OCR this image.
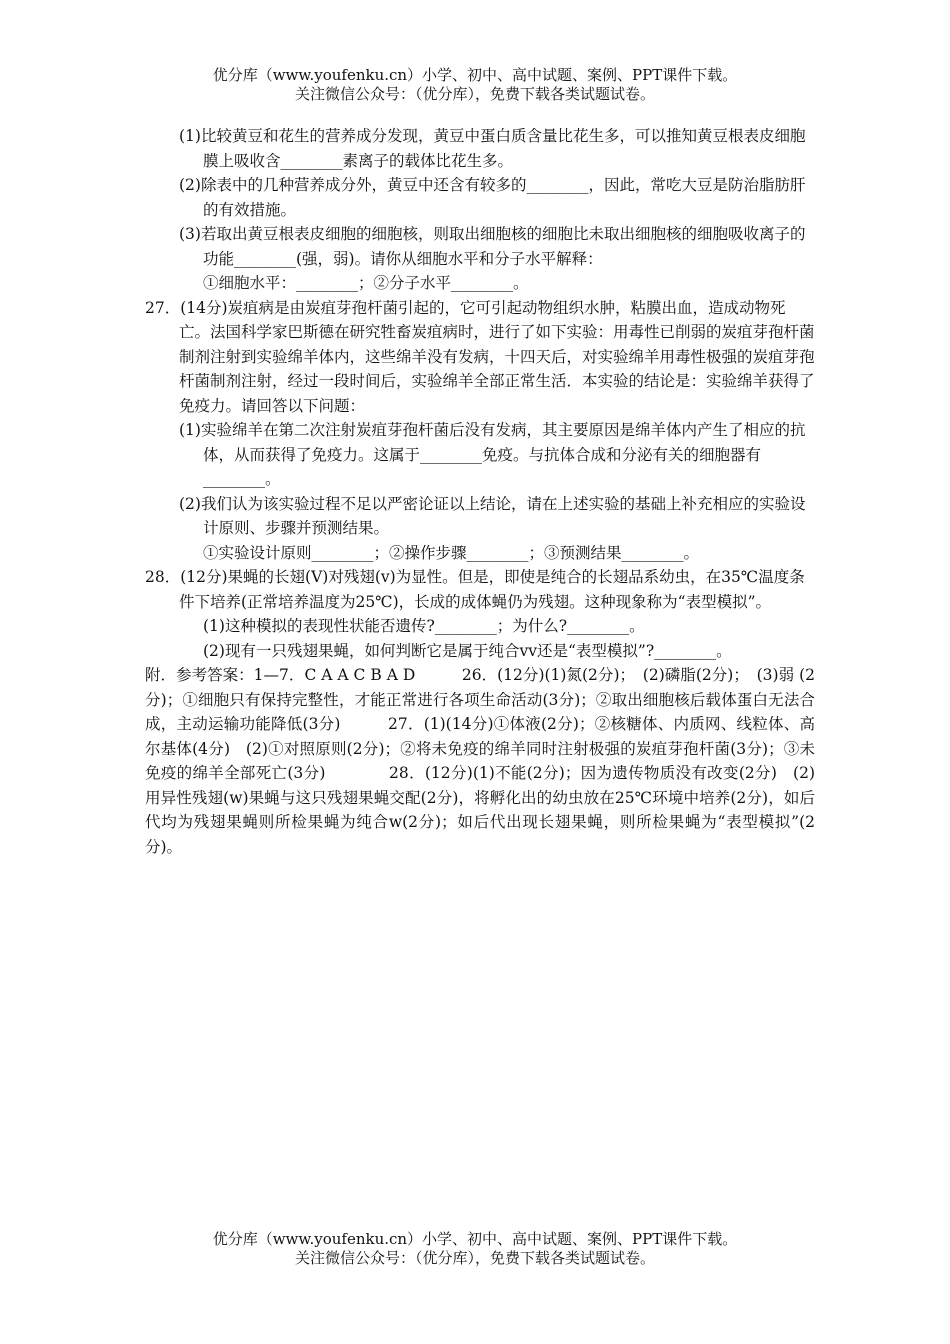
优分库（www.youfenku.cn）小学、初中、高中试题、案例、PPT课件下载。
关注微信公众号：（优分库），免费下载各类试题试卷。

(1)比较黄豆和花生的营养成分发现，黄豆中蛋白质含量比花生多，可以推知黄豆根表皮细胞膜上吸收含________素离子的载体比花生多。

(2)除表中的几种营养成分外，黄豆中还含有较多的________，因此，常吃大豆是防治脂肪肝的有效措施。

(3)若取出黄豆根表皮细胞的细胞核，则取出细胞核的细胞比未取出细胞核的细胞吸收离子的功能________(强，弱)。请你从细胞水平和分子水平解释：

①细胞水平：________；②分子水平________。

27．(14分)炭疽病是由炭疽芽孢杆菌引起的，它可引起动物组织水肿，粘膜出血，造成动物死亡。法国科学家巴斯德在研究牲畜炭疽病时，进行了如下实验：用毒性已削弱的炭疽芽孢杆菌制剂注射到实验绵羊体内，这些绵羊没有发病，十四天后，对实验绵羊用毒性极强的炭疽芽孢杆菌制剂注射，经过一段时间后，实验绵羊全部正常生活．本实验的结论是：实验绵羊获得了免疫力。请回答以下问题：

(1)实验绵羊在第二次注射炭疽芽孢杆菌后没有发病，其主要原因是绵羊体内产生了相应的抗体，从而获得了免疫力。这属于________免疫。与抗体合成和分泌有关的细胞器有________。

(2)我们认为该实验过程不足以严密论证以上结论，请在上述实验的基础上补充相应的实验设计原则、步骤并预测结果。

①实验设计原则________；②操作步骤________；③预测结果________。

28．(12分)果蝇的长翅(V)对残翅(v)为显性。但是，即使是纯合的长翅品系幼虫，在35℃温度条件下培养(正常培养温度为25℃)，长成的成体蝇仍为残翅。这种现象称为“表型模拟”。

(1)这种模拟的表现性状能否遗传?________；为什么?________。

(2)现有一只残翅果蝇，如何判断它是属于纯合vv还是“表型模拟”?________。

附．参考答案：1—7．C A A C B A D　　　26．(12分)(1)氮(2分)；　(2)磷脂(2分)；　(3)弱 (2分)；①细胞只有保持完整性，才能正常进行各项生命活动(3分)；②取出细胞核后载体蛋白无法合成，主动运输功能降低(3分)　　　27．(1)(14分)①体液(2分)；②核糖体、内质网、线粒体、高尔基体(4分)　(2)①对照原则(2分)；②将未免疫的绵羊同时注射极强的炭疽芽孢杆菌(3分)；③未免疫的绵羊全部死亡(3分)　　　　28．(12分)(1)不能(2分)；因为遗传物质没有改变(2分)　(2)用异性残翅(w)果蝇与这只残翅果蝇交配(2分)，将孵化出的幼虫放在25℃环境中培养(2分)，如后代均为残翅果蝇则所检果蝇为纯合w(2分)；如后代出现长翅果蝇，则所检果蝇为“表型模拟”(2分)。

优分库（www.youfenku.cn）小学、初中、高中试题、案例、PPT课件下载。
关注微信公众号：（优分库），免费下载各类试题试卷。
